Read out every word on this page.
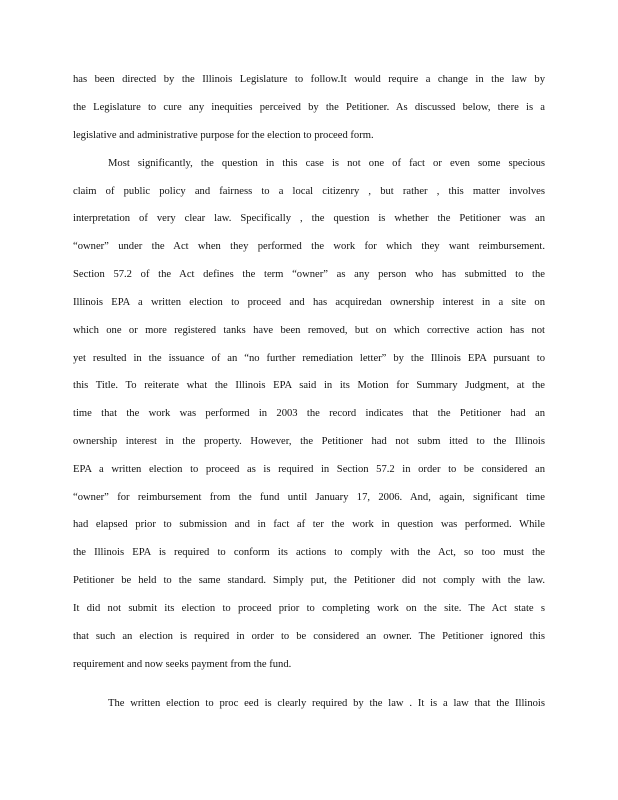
has been directed by the Illinois Legislature to follow.It would require a change in the law by
the Legislature to cure any inequities perceived by the Petitioner. As discussed below, there is a
legislative and administrative purpose for the election to proceed form.
Most significantly, the question in this case is not one of fact or even some specious
claim of public policy and fairness to a local citizenry , but rather , this matter involves
interpretation of very clear law. Specifically , the question is whether the Petitioner was an
“owner” under the Act when they performed the work for which they want reimbursement.
Section 57.2 of the Act defines the term “owner” as any person who has submitted to the
Illinois EPA a written election to proceed and has acquiredan ownership interest in a site on
which one or more registered tanks have been removed, but on which corrective action has not
yet resulted in the issuance of an “no further remediation letter” by the Illinois EPA pursuant to
this Title. To reiterate what the Illinois EPA said in its Motion for Summary Judgment, at the
time that the work was performed in 2003 the record indicates that the Petitioner had an
ownership interest in the property. However, the Petitioner had not subm itted to the Illinois
EPA a written election to proceed as is required in Section 57.2 in order to be considered an
“owner” for reimbursement from the fund until January 17, 2006. And, again, significant time
had elapsed prior to submission and in fact af ter the work in question was performed. While
the Illinois EPA is required to conform its actions to comply with the Act, so too must the
Petitioner be held to the same standard. Simply put, the Petitioner did not comply with the law.
It did not submit its election to proceed prior to completing work on the site. The Act state s
that such an election is required in order to be considered an owner. The Petitioner ignored this
requirement and now seeks payment from the fund.
The written election to proc eed is clearly required by the law . It is a law that the Illinois
